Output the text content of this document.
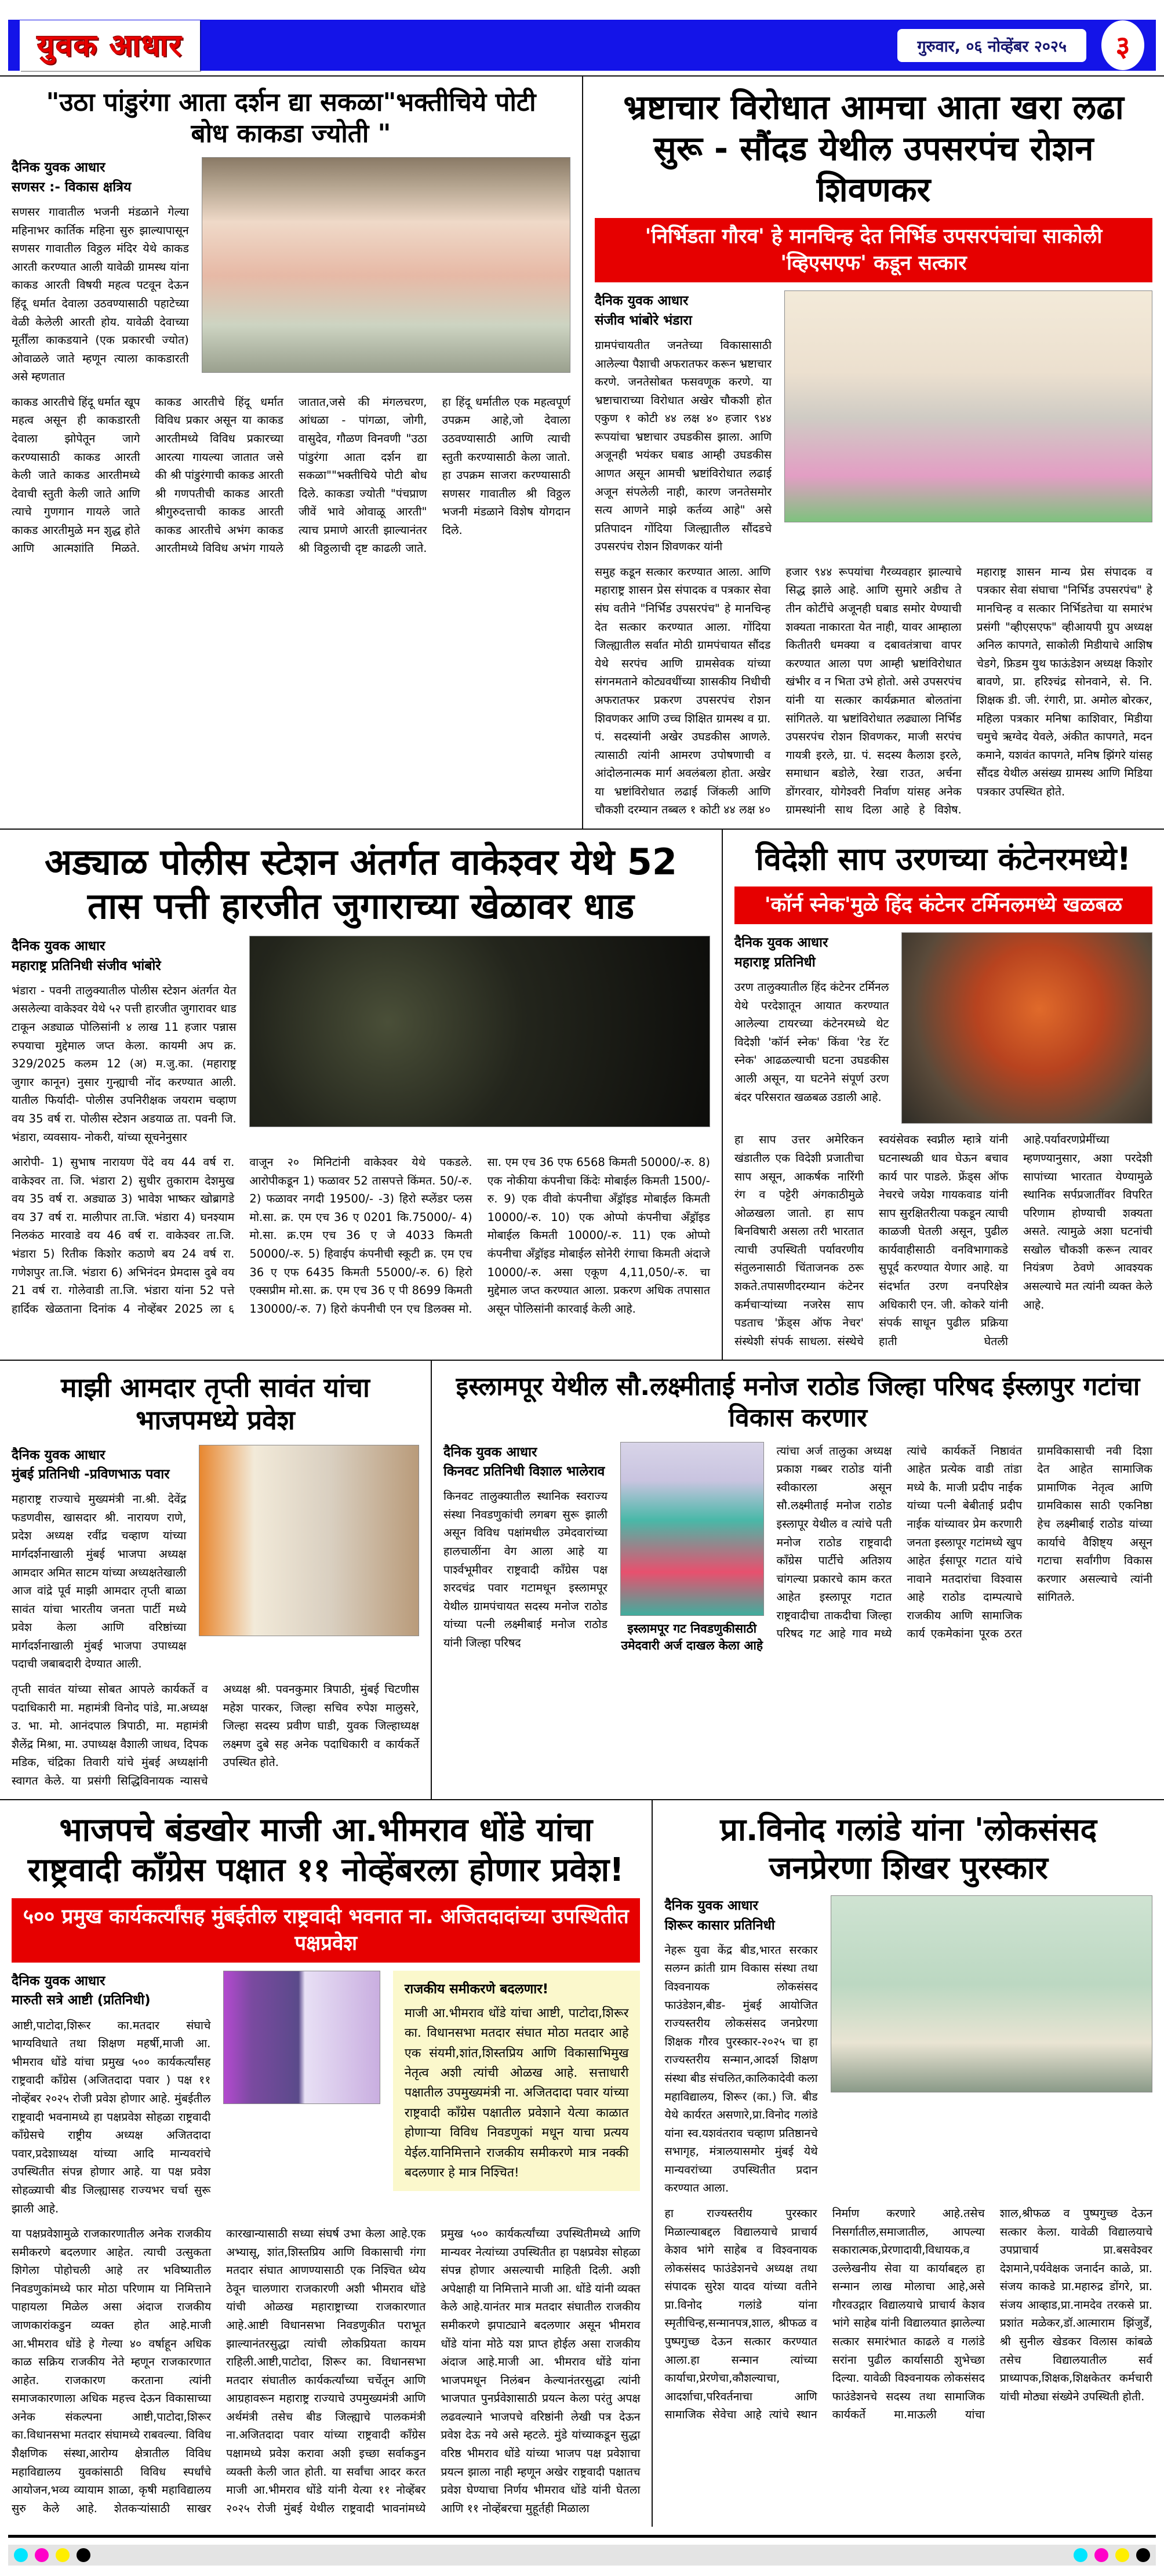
युवक आधार	गुरुवार, ०६ नोव्हेंबर २०२५	३
"उठा पांडुरंगा आता दर्शन द्या सकळा"भक्तीचिये पोटी बोध काकडा ज्योती "
दैनिक युवक आधार
सणसर :- विकास क्षत्रिय
सणसर गावातील भजनी मंडळाने गेल्या महिनाभर कार्तिक महिना सुरु झाल्यापासून सणसर गावातील विठ्ठल मंदिर येथे काकड आरती करण्यात आली यावेळी ग्रामस्थ यांना काकड आरती विषयी महत्व पटवून देऊन हिंदू धर्मात देवाला उठवण्यासाठी पहाटेच्या वेळी केलेली आरती होय. यावेळी देवाच्या मूर्तींला काकडयाने (एक प्रकारची ज्योत) ओवाळले जाते म्हणून त्याला काकडारती असे म्हणतात
काकड आरतीचे हिंदू धर्मात खूप महत्व असून ही काकडारती देवाला झोपेतून जागे करण्यासाठी काकड आरती केली जाते काकड आरतीमध्ये देवाची स्तुती केली जाते आणि त्याचे गुणगान गायले जाते काकड आरतीमुळे मन शुद्ध होते आणि आत्मशांति मिळते. काकड आरतीचे हिंदू धर्मात विविध प्रकार असून या काकड आरतीमध्ये विविध प्रकारच्या आरत्या गायल्या जातात जसे की श्री पांडुरंगाची काकड आरती श्री गणपतीची काकड आरती श्रीगुरुदत्ताची काकड आरती काकड आरतीचे अभंग काकड आरतीमध्ये विविध अभंग गायले जातात,जसे की मंगलचरण, आंधळा - पांगळा, जोगी, वासुदेव, गौळण विनवणी "उठा पांडुरंगा आता दर्शन द्या सकळा""भक्तीचिये पोटी बोध दिले. काकडा ज्योती "पंचप्राण जीवें भावे ओवाळू आरती" त्याच प्रमाणे आरती झाल्यानंतर श्री विठ्ठलाची दृष्ट काढली जाते. हा हिंदू धर्मातील एक महत्वपूर्ण उपक्रम आहे,जो देवाला उठवण्यासाठी आणि त्याची स्तुती करण्यासाठी केला जातो. हा उपक्रम साजरा करण्यासाठी सणसर गावातील श्री विठ्ठल भजनी मंडळाने विशेष योगदान दिले.
भ्रष्टाचार विरोधात आमचा आता खरा लढा सुरू - सौंदड येथील उपसरपंच रोशन शिवणकर
'निर्भिडता गौरव' हे मानचिन्ह देत निर्भिड उपसरपंचांचा साकोली 'व्हिएसएफ' कडून सत्कार
दैनिक युवक आधार
संजीव भांबोरे भंडारा
ग्रामपंचायतीत जनतेच्या विकासासाठी आलेल्या पैशाची अफरातफर करून भ्रष्टाचार करणे. जनतेसोबत फसवणूक करणे. या भ्रष्टाचाराच्या विरोधात अखेर चौकशी होत एकुण १ कोटी ४४ लक्ष ४० हजार ९४४ रूपयांचा भ्रष्टाचार उघडकीस झाला. आणि अजूनही भयंकर घबाड आम्ही उघडकीस आणत असून आमची भ्रष्टांविरोधात लढाई अजून संपलेली नाही, कारण जनतेसमोर सत्य आणने माझे कर्तव्य आहे" असे प्रतिपादन गोंदिया जिल्ह्यातील सौंदडचे उपसरपंच रोशन शिवणकर यांनी
समुह कडून सत्कार करण्यात आला. आणि महाराष्ट्र शासन प्रेस संपादक व पत्रकार सेवा संघ वतीने "निर्भिड उपसरपंच" हे मानचिन्ह देत सत्कार करण्यात आला. गोंदिया जिल्ह्यातील सर्वात मोठी ग्रामपंचायत सौंदड येथे सरपंच आणि ग्रामसेवक यांच्या संगनमताने कोट्यवधींच्या शासकीय निधीची अफरातफर प्रकरण उपसरपंच रोशन शिवणकर आणि उच्च शिक्षित ग्रामस्थ व ग्रा. पं. सदस्यांनी अखेर उघडकीस आणले. त्यासाठी त्यांनी आमरण उपोषणाची व आंदोलनात्मक मार्ग अवलंबला होता. अखेर या भ्रष्टांविरोधात लढाई जिंकली आणि चौकशी दरम्यान तब्बल १ कोटी ४४ लक्ष ४० हजार ९४४ रूपयांचा गैरव्यवहार झाल्याचे सिद्ध झाले आहे. आणि सुमारे अडीच ते तीन कोटींचे अजूनही घबाड समोर येण्याची शक्यता नाकारता येत नाही, यावर आम्हाला कितीतरी धमक्या व दबावतंत्राचा वापर करण्यात आला पण आम्ही भ्रष्टांविरोधात खंभीर व न भिता उभे होतो. असे उपसरपंच यांनी या सत्कार कार्यक्रमात बोलतांना सांगितले. या भ्रष्टांविरोधात लढ्याला निर्भिड उपसरपंच रोशन शिवणकर, माजी सरपंच गायत्री इरले, ग्रा. पं. सदस्य कैलाश इरले, समाधान बडोले, रेखा राउत, अर्चना डोंगरवार, योगेश्वरी निर्वाण यांसह अनेक ग्रामस्थांनी साथ दिला आहे हे विशेष. महाराष्ट्र शासन मान्य प्रेस संपादक व पत्रकार सेवा संघाचा "निर्भिड उपसरपंच" हे मानचिन्ह व सत्कार निर्भिडतेचा या समारंभ प्रसंगी "व्हीएसएफ" व्हीआयपी ग्रुप अध्यक्ष अनिल कापगते, साकोली मिडीयाचे आशिष चेडगे, फ्रिडम युथ फाऊंडेशन अध्यक्ष किशोर बावणे, प्रा. हरिश्चंद्र सोनवाने, से. नि. शिक्षक डी. जी. रंगारी, प्रा. अमोल बोरकर, महिला पत्रकार मनिषा काशिवार, मिडीया चमुचे ऋग्वेद येवले, अंकीत कापगते, मदन कमाने, यशवंत कापगते, मनिष झिंगरे यांसह सौंदड येथील असंख्य ग्रामस्थ आणि मिडिया पत्रकार उपस्थित होते.
अड्याळ पोलीस स्टेशन अंतर्गत वाकेश्वर येथे 52 तास पत्ती हारजीत जुगाराच्या खेळावर धाड
दैनिक युवक आधार
महाराष्ट्र प्रतिनिधी संजीव भांबोरे
भंडारा - पवनी तालुक्यातील पोलीस स्टेशन अंतर्गत येत असलेल्या वाकेश्वर येथे ५२ पत्ती हारजीत जुगारावर धाड टाकून अड्याळ पोलिसांनी ४ लाख 11 हजार पन्नास रुपयाचा मुद्देमाल जप्त केला. कायमी अप क्र. 329/2025 कलम 12 (अ) म.जु.का. (महाराष्ट्र जुगार कानून) नुसार गुन्ह्याची नोंद करण्यात आली. यातील फिर्यादी- पोलीस उपनिरीक्षक जयराम चव्हाण वय 35 वर्ष रा. पोलीस स्टेशन अडयाळ ता. पवनी जि. भंडारा, व्यवसाय- नोकरी, यांच्या सूचनेनुसार
आरोपी- 1) सुभाष नारायण पेंदे वय 44 वर्ष रा. वाकेश्वर ता. जि. भंडारा 2) सुधीर तुकाराम देशमुख वय 35 वर्ष रा. अड्याळ 3) भावेश भाष्कर खोब्रागडे वय 37 वर्ष रा. मालीपार ता.जि. भंडारा 4) घनश्याम निलकंठ मारवाडे वय 46 वर्ष रा. वाकेश्वर ता.जि. भंडारा 5) रितीक किशोर कठाणे बय 24 वर्ष रा. गणेशपुर ता.जि. भंडारा 6) अभिनंदन प्रेमदास दुबे वय 21 वर्ष रा. गोलेवाडी ता.जि. भंडारा यांना 52 पत्ते हार्दिक खेळताना दिनांक 4 नोव्हेंबर 2025 ला ६ वाजून २० मिनिटांनी वाकेश्वर येथे पकडले. आरोपीकडून 1) फळावर 52 तासपत्ते किंमत. 50/-रु. 2) फळावर नगदी 19500/- -3) हिरो स्प्लेंडर प्लस मो.सा. क्र. एम एच 36 ए 0201 कि.75000/- 4) मो.सा. क्र.एम एच 36 ए जे 4033 किमती 50000/-रु. 5) हिवाईप कंपनीची स्कूटी क्र. एम एच 36 ए एफ 6435 किमती 55000/-रु. 6) हिरो एक्सप्रीम मो.सा. क्र. एम एच 36 ए पी 8699 किमती 130000/-रु. 7) हिरो कंपनीची एन एच डिलक्स मो. सा. एम एच 36 एफ 6568 किमती 50000/-रु. 8) एक नोकीया कंपनीचा किंदेः मोबाईल किमती 1500/-रु. 9) एक वीवो कंपनीचा अँड्रॉइड मोबाईल किमती 10000/-रु. 10) एक ओप्पो कंपनीचा अँड्रॉइड मोबाईल किमती 10000/-रु. 11) एक ओप्पो कंपनीचा अँड्रॉइड मोबाईल सोनेरी रंगाचा किमती अंदाजे 10000/-रु. असा एकूण 4,11,050/-रु. चा मुद्देमाल जप्त करण्यात आला. प्रकरण अधिक तपासात असून पोलिसांनी कारवाई केली आहे.
विदेशी साप उरणच्या कंटेनरमध्ये!
'कॉर्न स्नेक'मुळे हिंद कंटेनर टर्मिनलमध्ये खळबळ
दैनिक युवक आधार
महाराष्ट्र प्रतिनिधी
उरण तालुक्यातील हिंद कंटेनर टर्मिनल येथे परदेशातून आयात करण्यात आलेल्या टायरच्या कंटेनरमध्ये थेट विदेशी 'कॉर्न स्नेक' किंवा 'रेड रॅट स्नेक' आढळल्याची घटना उघडकीस आली असून, या घटनेने संपूर्ण उरण बंदर परिसरात खळबळ उडाली आहे.
हा साप उत्तर अमेरिकन खंडातील एक विदेशी प्रजातीचा साप असून, आकर्षक नारिंगी रंग व पट्टेरी अंगकाठीमुळे ओळखला जातो. हा साप बिनविषारी असला तरी भारतात त्याची उपस्थिती पर्यावरणीय संतुलनासाठी चिंताजनक ठरू शकते.तपासणीदरम्यान कंटेनर कर्मचाऱ्यांच्या नजरेस साप पडताच 'फ्रेंड्स ऑफ नेचर' संस्थेशी संपर्क साधला. संस्थेचे स्वयंसेवक स्वप्नील म्हात्रे यांनी घटनास्थळी धाव घेऊन बचाव कार्य पार पाडले. फ्रेंड्स ऑफ नेचरचे जयेश गायकवाड यांनी साप सुरक्षितरीत्या पकडून त्याची काळजी घेतली असून, पुढील कार्यवाहीसाठी वनविभागाकडे सुपूर्द करण्यात येणार आहे. या संदर्भात उरण वनपरिक्षेत्र अधिकारी एन. जी. कोकरे यांनी संपर्क साधून पुढील प्रक्रिया हाती घेतली आहे.पर्यावरणप्रेमींच्या म्हणण्यानुसार, अशा परदेशी सापांच्या भारतात येण्यामुळे स्थानिक सर्पप्रजातींवर विपरित परिणाम होण्याची शक्यता असते. त्यामुळे अशा घटनांची सखोल चौकशी करून त्यावर नियंत्रण ठेवणे आवश्यक असल्याचे मत त्यांनी व्यक्त केले आहे.
माझी आमदार तृप्ती सावंत यांचा भाजपमध्ये प्रवेश
दैनिक युवक आधार
मुंबई प्रतिनिधी -प्रविणभाऊ पवार
महाराष्ट्र राज्याचे मुख्यमंत्री ना.श्री. देवेंद्र फडणवीस, खासदार श्री. नारायण राणे, प्रदेश अध्यक्ष रवींद्र चव्हाण यांच्या मार्गदर्शनाखाली मुंबई भाजपा अध्यक्ष आमदार अमित साटम यांच्या अध्यक्षतेखाली आज वांद्रे पूर्व माझी आमदार तृप्ती बाळा सावंत यांचा भारतीय जनता पार्टी मध्ये प्रवेश केला आणि वरिष्ठांच्या मार्गदर्शनाखाली मुंबई भाजपा उपाध्यक्ष पदाची जबाबदारी देण्यात आली.
तृप्ती सावंत यांच्या सोबत आपले कार्यकर्ते व पदाधिकारी मा. महामंत्री विनोद पांडे, मा.अध्यक्ष उ. भा. मो. आनंदपाल त्रिपाठी, मा. महामंत्री शैलेंद्र मिश्रा, मा. उपाध्यक्ष वैशाली जाधव, दिपक मडिक, चंद्रिका तिवारी यांचे मुंबई अध्यक्षांनी स्वागत केले. या प्रसंगी सिद्धिविनायक न्यासचे अध्यक्ष श्री. पवनकुमार त्रिपाठी, मुंबई चिटणीस महेश पारकर, जिल्हा सचिव रुपेश मालुसरे, जिल्हा सदस्य प्रवीण घाडी, युवक जिल्हाध्यक्ष लक्ष्मण दुबे सह अनेक पदाधिकारी व कार्यकर्ते उपस्थित होते.
इस्लामपूर येथील सौ.लक्ष्मीताई मनोज राठोड जिल्हा परिषद ईस्लापुर गटांचा विकास करणार
दैनिक युवक आधार
किनवट प्रतिनिधी विशाल भालेराव
किनवट तालुक्यातील स्थानिक स्वराज्य संस्था निवडणुकांची लगबग सुरू झाली असून विविध पक्षांमधील उमेदवारांच्या हालचालींना वेग आला आहे या पार्श्वभूमीवर राष्ट्रवादी काँग्रेस पक्ष शरदचंद्र पवार गटामधून इस्लामपूर येथील ग्रामपंचायत सदस्य मनोज राठोड यांच्या पत्नी लक्ष्मीबाई मनोज राठोड यांनी जिल्हा परिषद
इस्लामपूर गट निवडणुकीसाठी उमेदवारी अर्ज दाखल केला आहे
त्यांचा अर्ज तालुका अध्यक्ष प्रकाश गब्बर राठोड यांनी स्वीकारला असून सौ.लक्ष्मीताई मनोज राठोड इस्लापूर येथील व त्यांचे पती मनोज राठोड राष्ट्रवादी काँग्रेस पार्टीचे अतिशय चांगल्या प्रकारचे काम करत आहेत इस्लापूर गटात राष्ट्रवादीचा ताकदीचा जिल्हा परिषद गट आहे गाव मध्ये त्यांचे कार्यकर्ते निष्ठावंत आहेत प्रत्येक वाडी तांडा मध्ये कै. माजी प्रदीप नाईक यांच्या पत्नी बेबीताई प्रदीप नाईक यांच्यावर प्रेम करणारी जनता इस्लापूर गटांमध्ये खुप आहेत ईसापूर गटात यांचे नावाने मतदारांचा विश्वास आहे राठोड दाम्पत्याचे राजकीय आणि सामाजिक कार्य एकमेकांना पूरक ठरत ग्रामविकासाची नवी दिशा देत आहेत सामाजिक प्रामाणिक नेतृत्व आणि ग्रामविकास साठी एकनिष्ठा हेच लक्ष्मीबाई राठोड यांच्या कार्याचे वैशिष्ट्य असून गटाचा सर्वांगीण विकास करणार असल्याचे त्यांनी सांगितले.
भाजपचे बंडखोर माजी आ.भीमराव धोंडे यांचा राष्ट्रवादी काँग्रेस पक्षात ११ नोव्हेंबरला होणार प्रवेश!
५०० प्रमुख कार्यकर्त्यांसह मुंबईतील राष्ट्रवादी भवनात ना. अजितदादांच्या उपस्थितीत पक्षप्रवेश
दैनिक युवक आधार
मारुती सत्रे आष्टी (प्रतिनिधी)
आष्टी,पाटोदा,शिरूर का.मतदार संघाचे भाग्यविधाते तथा शिक्षण महर्षी,माजी आ. भीमराव धोंडे यांचा प्रमुख ५०० कार्यकर्त्यांसह राष्ट्रवादी काँग्रेस (अजितदादा पवार ) पक्ष ११ नोव्हेंबर २०२५ रोजी प्रवेश होणार आहे. मुंबईतील राष्ट्रवादी भवनामध्ये हा पक्षप्रवेश सोहळा राष्ट्रवादी काँग्रेसचे राष्ट्रीय अध्यक्ष अजितदादा पवार,प्रदेशाध्यक्ष यांच्या आदि मान्यवरांचे उपस्थितीत संपन्न होणार आहे. या पक्ष प्रवेश सोहळ्याची बीड जिल्ह्यासह राज्यभर चर्चा सुरू झाली आहे.
राजकीय समीकरणे बदलणार!
माजी आ.भीमराव धोंडे यांचा आष्टी, पाटोदा,शिरूर का. विधानसभा मतदार संघात मोठा मतदार आहे एक संयमी,शांत,शिस्तप्रिय आणि विकासाभिमुख नेतृत्व अशी त्यांची ओळख आहे. सत्ताधारी पक्षातील उपमुख्यमंत्री ना. अजितदादा पवार यांच्या राष्ट्रवादी काँग्रेस पक्षातील प्रवेशाने येत्या काळात होणाऱ्या विविध निवडणुकां मधून याचा प्रत्यय येईल.यानिमित्ताने राजकीय समीकरणे मात्र नक्की बदलणार हे मात्र निश्चित!
या पक्षप्रवेशामुळे राजकारणातील अनेक राजकीय समीकरणे बदलणार आहेत. त्याची उत्सुकता शिगेला पोहोचली आहे तर भविष्यातील निवडणुकांमध्ये फार मोठा परिणाम या निमित्ताने पाहायला मिळेल असा अंदाज राजकीय जाणकारांकडुन व्यक्त होत आहे.माजी आ.भीमराव धोंडे हे गेल्या ४० वर्षाहून अधिक काळ सक्रिय राजकीय नेते म्हणून राजकारणात आहेत. राजकारण करताना त्यांनी समाजकारणाला अधिक महत्त्व देऊन विकासाच्या अनेक संकल्पना आष्टी,पाटोदा,शिरूर का.विधानसभा मतदार संघामध्ये राबवल्या. विविध शैक्षणिक संस्था,आरोग्य क्षेत्रातील विविध महाविद्यालय युवकांसाठी विविध स्पर्धांचे आयोजन,भव्य व्यायाम शाळा, कृषी महाविद्यालय सुरु केले आहे. शेतकऱ्यांसाठी साखर कारखान्यासाठी सध्या संघर्ष उभा केला आहे.एक अभ्यासू, शांत,शिस्तप्रिय आणि विकासाची गंगा मतदार संघात आणण्यासाठी एक निश्चित ध्येय ठेवून चालणारा राजकारणी अशी भीमराव धोंडे यांची ओळख महाराष्ट्राच्या राजकारणात आहे.आष्टी विधानसभा निवडणुकीत पराभूत झाल्यानंतरसुद्धा त्यांची लोकप्रियता कायम राहिली.आष्टी,पाटोदा, शिरूर का. विधानसभा मतदार संघातील कार्यकर्त्यांच्या चर्चेतून आणि आग्रहावरून महाराष्ट्र राज्याचे उपमुख्यमंत्री आणि अर्थमंत्री तसेच बीड जिल्ह्याचे पालकमंत्री ना.अजितदादा पवार यांच्या राष्ट्रवादी काँग्रेस पक्षामध्ये प्रवेश करावा अशी इच्छा सर्वाकडुन व्यक्ती केली जात होती. या सर्वांचा आदर करत माजी आ.भीमराव धोंडे यांनी येत्या ११ नोव्हेंबर २०२५ रोजी मुंबई येथील राष्ट्रवादी भावनांमध्ये प्रमुख ५०० कार्यकर्त्यांच्या उपस्थितीमध्ये आणि मान्यवर नेत्यांच्या उपस्थितीत हा पक्षप्रवेश सोहळा संपन्न होणार असल्याची माहिती दिली. अशी अपेक्षाही या निमित्ताने माजी आ. धोंडे यांनी व्यक्त केले आहे.यानंतर मात्र मतदार संघातील राजकीय समीकरणे झपाट्याने बदलणार असून भीमराव धोंडे यांना मोठे यश प्राप्त होईल असा राजकीय अंदाज आहे.माजी आ. भीमराव धोंडे यांना भाजपमधून निलंबन केल्यानंतरसुद्धा त्यांनी भाजपात पुनर्प्रवेशासाठी प्रयत्न केला परंतु अपक्ष लढवल्याने भाजपचे वरिष्ठांनी लेखी पत्र देऊन प्रवेश देऊ नये असे म्हटले. मुंडे यांच्याकडून सुद्धा वरिष्ठ भीमराव धोंडे यांच्या भाजप पक्ष प्रवेशाचा प्रयत्न झाला नाही म्हणून अखेर राष्ट्रवादी पक्षातच प्रवेश घेण्याचा निर्णय भीमराव धोंडे यांनी घेतला आणि ११ नोव्हेंबरचा मुहूर्तही मिळाला
प्रा.विनोद गलांडे यांना 'लोकसंसद जनप्रेरणा शिखर पुरस्कार
दैनिक युवक आधार
शिरूर कासार प्रतिनिधी
नेहरू युवा केंद्र बीड,भारत सरकार सलग्न क्रांती ग्राम विकास संस्था तथा विश्वनायक लोकसंसद फाउंडेशन,बीड- मुंबई आयोजित राज्यस्तरीय लोकसंसद जनप्रेरणा शिक्षक गौरव पुरस्कार-२०२५ चा हा राज्यस्तरीय सन्मान,आदर्श शिक्षण संस्था बीड संचलित,कालिकादेवी कला महाविद्यालय, शिरूर (का.) जि. बीड येथे कार्यरत असणारे,प्रा.विनोद गलांडे यांना स्व.यशवंतराव चव्हाण प्रतिष्ठानचे सभागृह, मंत्रालयासमोर मुंबई येथे मान्यवरांच्या उपस्थितीत प्रदान करण्यात आला.
हा राज्यस्तरीय पुरस्कार मिळाल्याबद्दल विद्यालयाचे प्राचार्य केशव भांगे साहेब व विश्वनायक लोकसंसद फाउंडेशनचे अध्यक्ष तथा संपादक सुरेश यादव यांच्या वतीने प्रा.विनोद गलांडे यांना स्मृतीचिन्ह,सन्मानपत्र,शाल, श्रीफळ व पुष्पगुच्छ देऊन सत्कार करण्यात आला.हा सन्मान त्यांच्या कार्याचा,प्रेरणेचा,कौशल्याचा, आदर्शाचा,परिवर्तनाचा आणि सामाजिक सेवेचा आहे त्यांचे स्थान निर्माण करणारे आहे.तसेच निसर्गातील,समाजातील, आपल्या सकारात्मक,प्रेरणादायी,विधायक,व उल्लेखनीय सेवा या कार्याबद्दल हा सन्मान लाख मोलाचा आहे,असे गौरवउद्गार विद्यालयाचे प्राचार्य केशव भांगे साहेब यांनी विद्यालयात झालेल्या सत्कार समारंभात काढले व गलांडे सरांना पुढील कार्यासाठी शुभेच्छा दिल्या. यावेळी विश्वनायक लोकसंसद फाउंडेशनचे सदस्य तथा सामाजिक कार्यकर्ते मा.माऊली यांचा शाल,श्रीफळ व पुष्पगुच्छ देऊन सत्कार केला. यावेळी विद्यालयाचे उपप्राचार्य प्रा.बसवेश्वर देशमाने,पर्यवेक्षक जनार्दन काळे, प्रा. संजय काकडे प्रा.महारुद्र डोंगरे, प्रा. संजय आव्हाड,प्रा.नामदेव तरकसे प्रा. प्रशांत मळेकर,डॉ.आत्माराम झिंजुर्डें, श्री सुनील खेडकर विलास कांबळे तसेच विद्यालयातील सर्व प्राध्यापक,शिक्षक,शिक्षकेतर कर्मचारी यांची मोठ्या संख्येने उपस्थिती होती.
